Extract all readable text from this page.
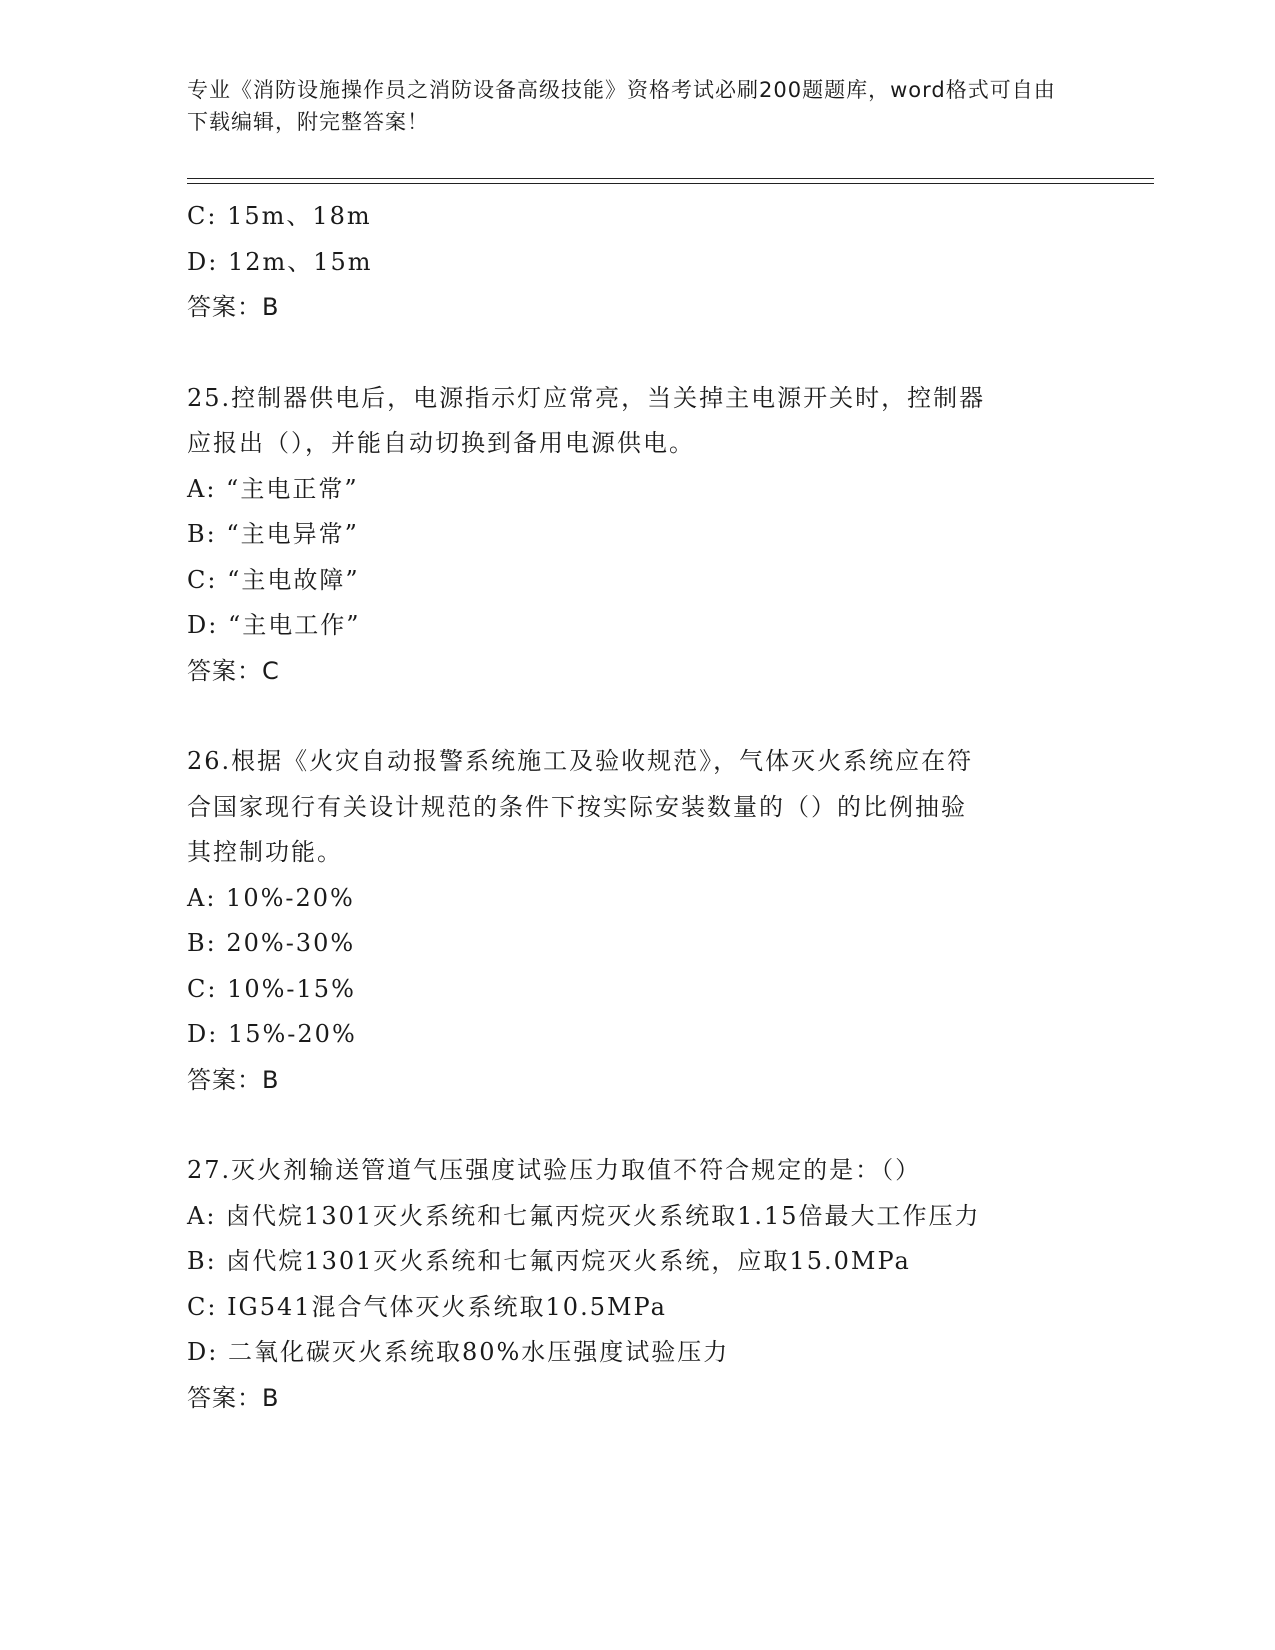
专业《消防设施操作员之消防设备高级技能》资格考试必刷200题题库，word格式可自由下载编辑，附完整答案！
C: 15m、18m
D: 12m、15m
答案：B
25.控制器供电后，电源指示灯应常亮，当关掉主电源开关时，控制器
应报出（），并能自动切换到备用电源供电。
A: “主电正常”
B: “主电异常”
C: “主电故障”
D: “主电工作”
答案：C
26.根据《火灾自动报警系统施工及验收规范》，气体灭火系统应在符
合国家现行有关设计规范的条件下按实际安装数量的（）的比例抽验
其控制功能。
A: 10%-20%
B: 20%-30%
C: 10%-15%
D: 15%-20%
答案：B
27.灭火剂输送管道气压强度试验压力取值不符合规定的是：（）
A: 卤代烷1301灭火系统和七氟丙烷灭火系统取1.15倍最大工作压力
B: 卤代烷1301灭火系统和七氟丙烷灭火系统，应取15.0MPa
C: IG541混合气体灭火系统取10.5MPa
D: 二氧化碳灭火系统取80%水压强度试验压力
答案：B
